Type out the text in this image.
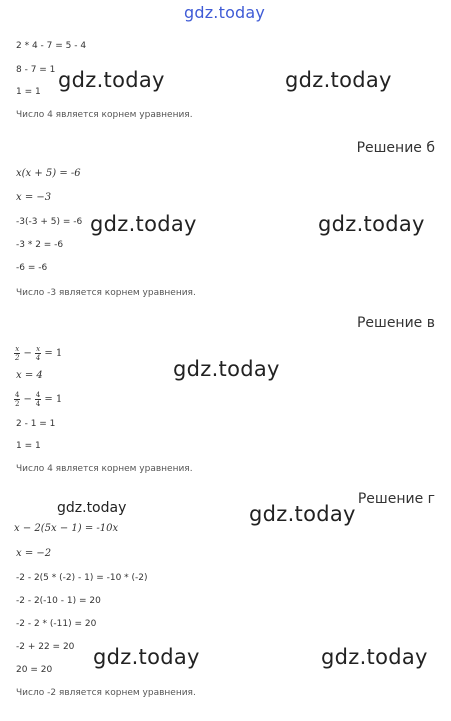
gdz.today
2 * 4 - 7 = 5 - 4
8 - 7 = 1
1 = 1
Число 4 является корнем уравнения.
gdz.today	gdz.today
Решение б
x(x + 5) = -6
x = −3
-3(-3 + 5) = -6
-3 * 2 = -6
-6 = -6
Число -3 является корнем уравнения.
gdz.today	gdz.today
Решение в
$\frac{x}{2} - \frac{x}{4} = 1$
x = 4
$\frac{4}{2} - \frac{4}{4} = 1$
2 - 1 = 1
1 = 1
Число 4 является корнем уравнения.
gdz.today
Решение г
gdz.today	gdz.today
x − 2(5x − 1) = -10x
x = −2
-2 - 2(5 * (-2) - 1) = -10 * (-2)
-2 - 2(-10 - 1) = 20
-2 - 2 * (-11) = 20
-2 + 22 = 20
20 = 20
Число -2 является корнем уравнения.
gdz.today	gdz.today
